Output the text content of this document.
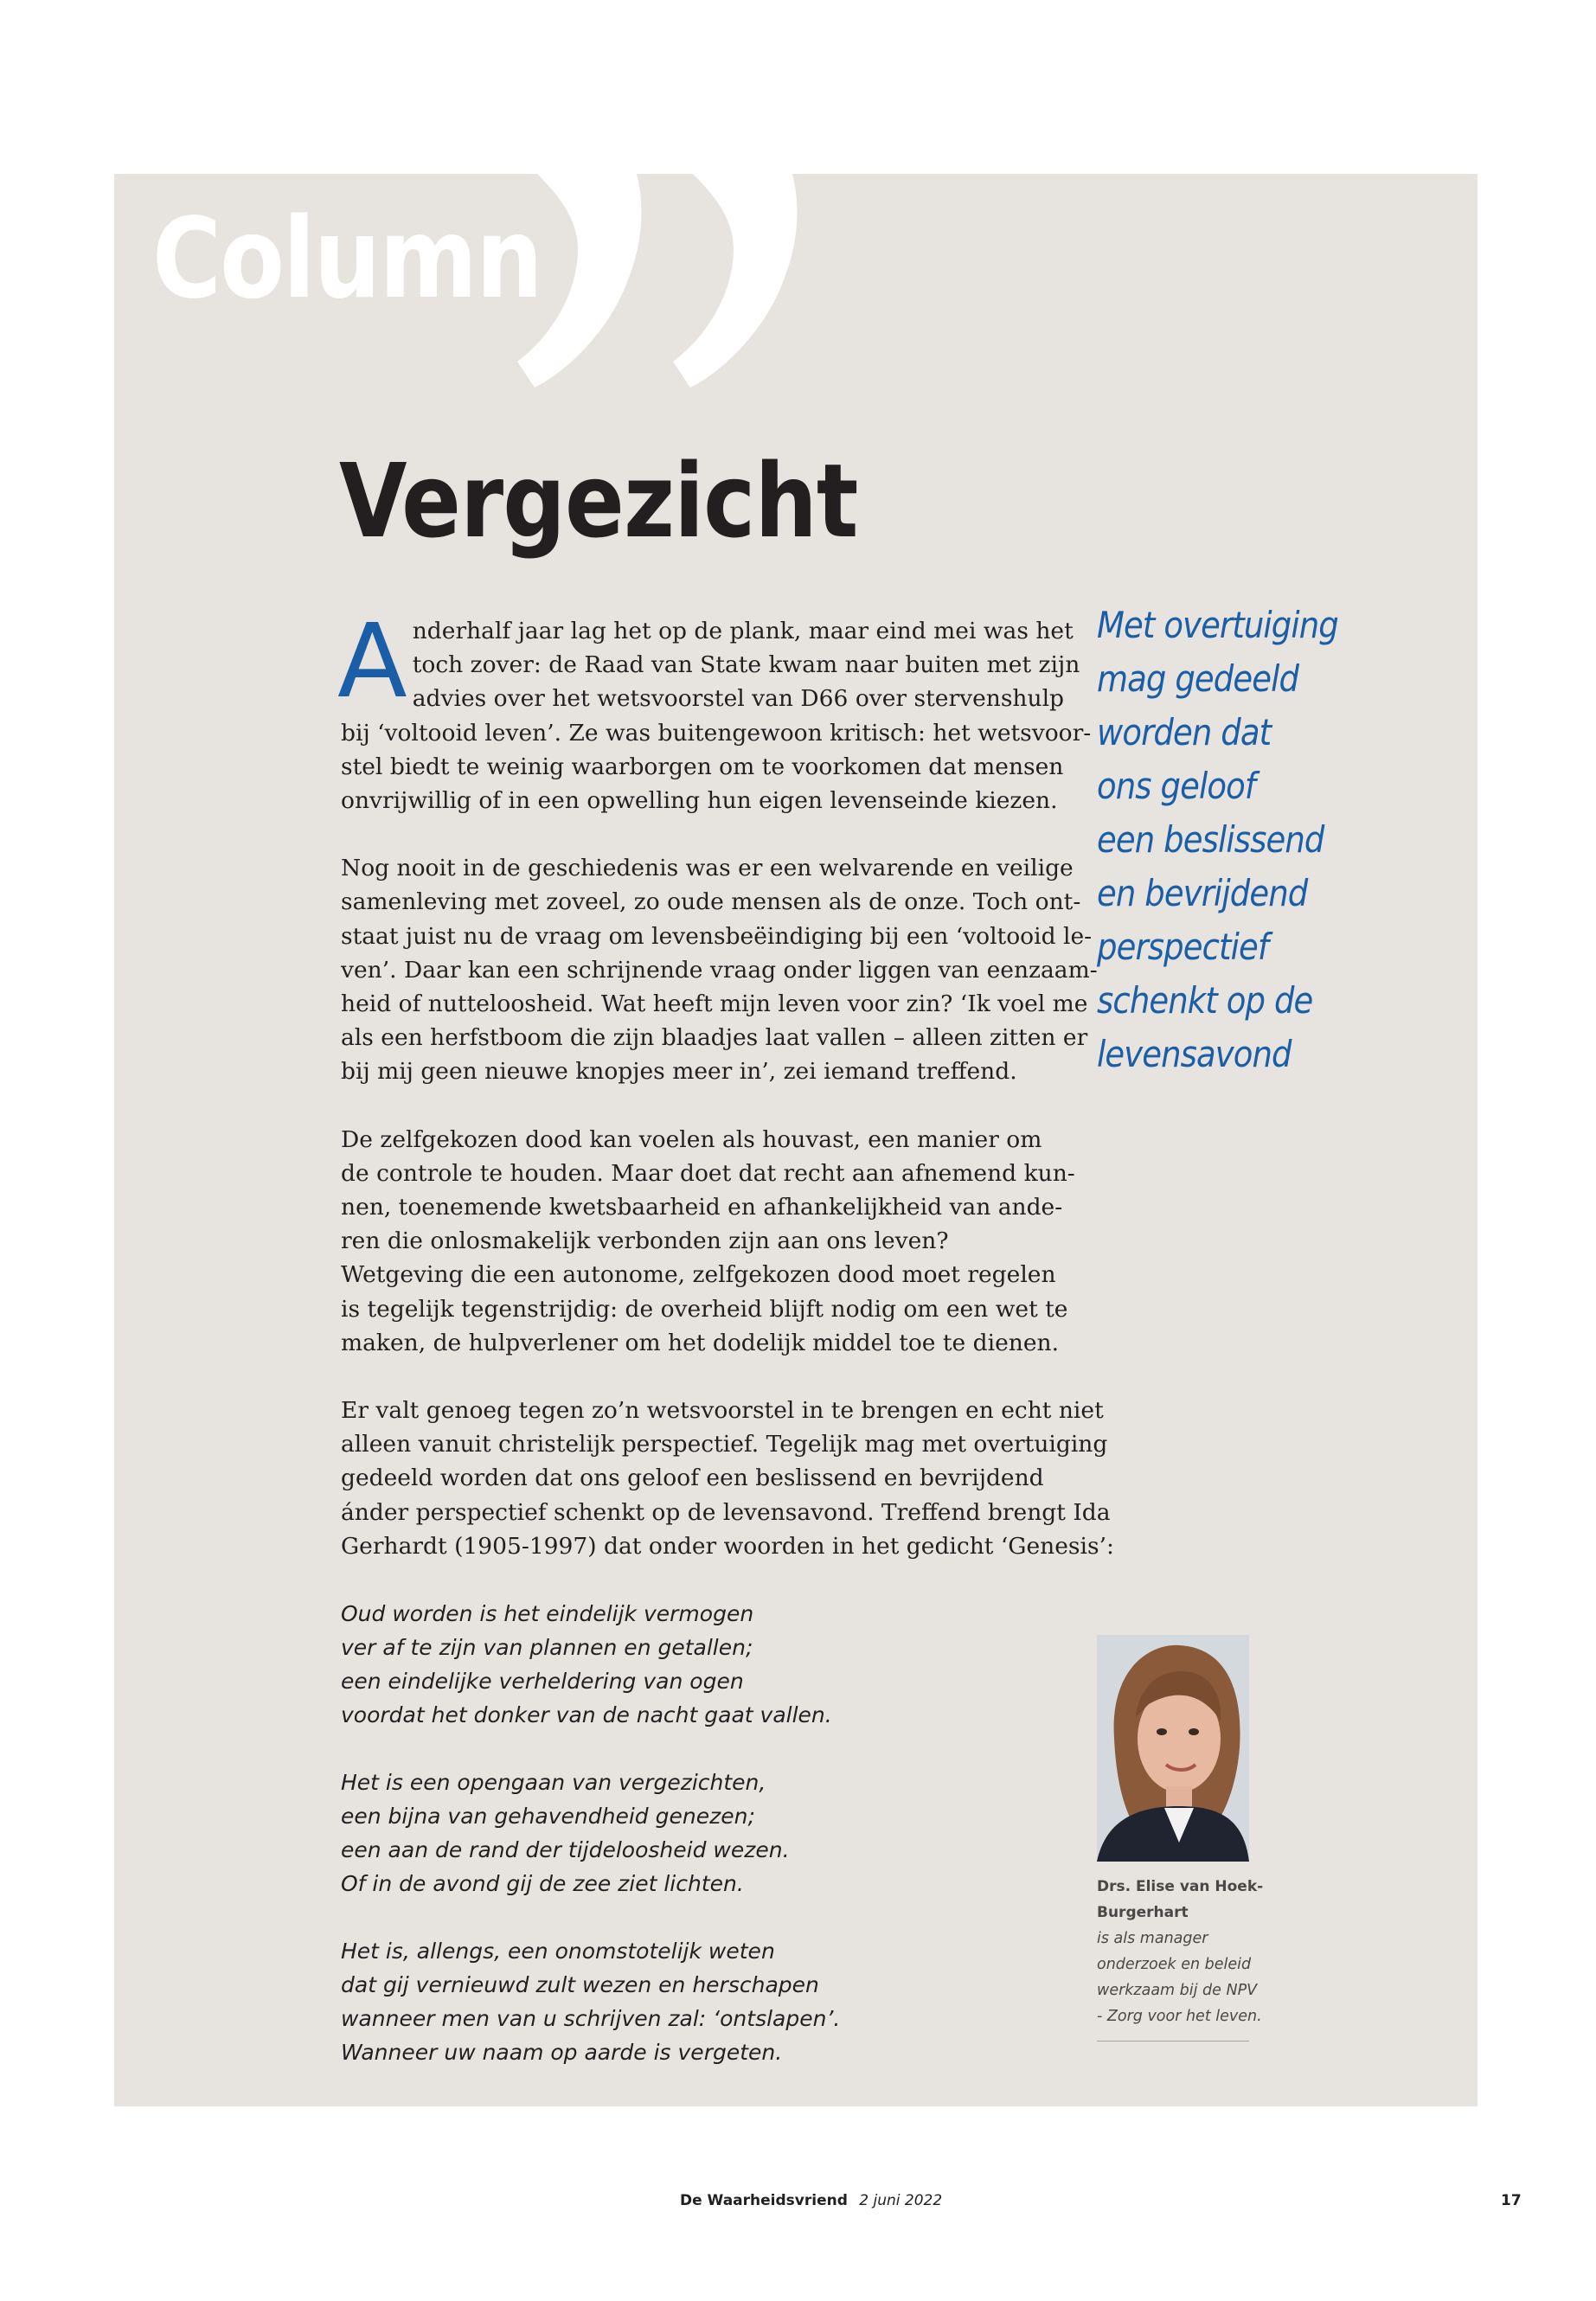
Column
Vergezicht
A nderhalf jaar lag het op de plank, maar eind mei was het
toch zover: de Raad van State kwam naar buiten met zijn
advies over het wetsvoorstel van D66 over stervenshulp
bij ‘voltooid leven’. Ze was buitengewoon kritisch: het wetsvoor-
stel biedt te weinig waarborgen om te voorkomen dat mensen
onvrijwillig of in een opwelling hun eigen levenseinde kiezen.
Nog nooit in de geschiedenis was er een welvarende en veilige
samenleving met zoveel, zo oude mensen als de onze. Toch ont-
staat juist nu de vraag om levensbeëindiging bij een ‘voltooid le-
ven’. Daar kan een schrijnende vraag onder liggen van eenzaam-
heid of nutteloosheid. Wat heeft mijn leven voor zin? ‘Ik voel me
als een herfstboom die zijn blaadjes laat vallen – alleen zitten er
bij mij geen nieuwe knopjes meer in’, zei iemand treffend.
De zelfgekozen dood kan voelen als houvast, een manier om
de controle te houden. Maar doet dat recht aan afnemend kun-
nen, toenemende kwetsbaarheid en afhankelijkheid van ande-
ren die onlosmakelijk verbonden zijn aan ons leven?
Wetgeving die een autonome, zelfgekozen dood moet regelen
is tegelijk tegenstrijdig: de overheid blijft nodig om een wet te
maken, de hulpverlener om het dodelijk middel toe te dienen.
Er valt genoeg tegen zo’n wetsvoorstel in te brengen en echt niet
alleen vanuit christelijk perspectief. Tegelijk mag met overtuiging
gedeeld worden dat ons geloof een beslissend en bevrijdend
ánder perspectief schenkt op de levensavond. Treffend brengt Ida
Gerhardt (1905-1997) dat onder woorden in het gedicht ‘Genesis’:
Oud worden is het eindelijk vermogen
ver af te zijn van plannen en getallen;
een eindelijke verheldering van ogen
voordat het donker van de nacht gaat vallen.
Het is een opengaan van vergezichten,
een bijna van gehavendheid genezen;
een aan de rand der tijdeloosheid wezen.
Of in de avond gij de zee ziet lichten.
Het is, allengs, een onomstotelijk weten
dat gij vernieuwd zult wezen en herschapen
wanneer men van u schrijven zal: ‘ontslapen’.
Wanneer uw naam op aarde is vergeten.
Met overtuiging
mag gedeeld
worden dat
ons geloof
een beslissend
en bevrijdend
perspectief
schenkt op de
levensavond
Drs. Elise van Hoek-
Burgerhart
is als manager
onderzoek en beleid
werkzaam bij de NPV
- Zorg voor het leven.
De Waarheidsvriend 2 juni 2022	17
